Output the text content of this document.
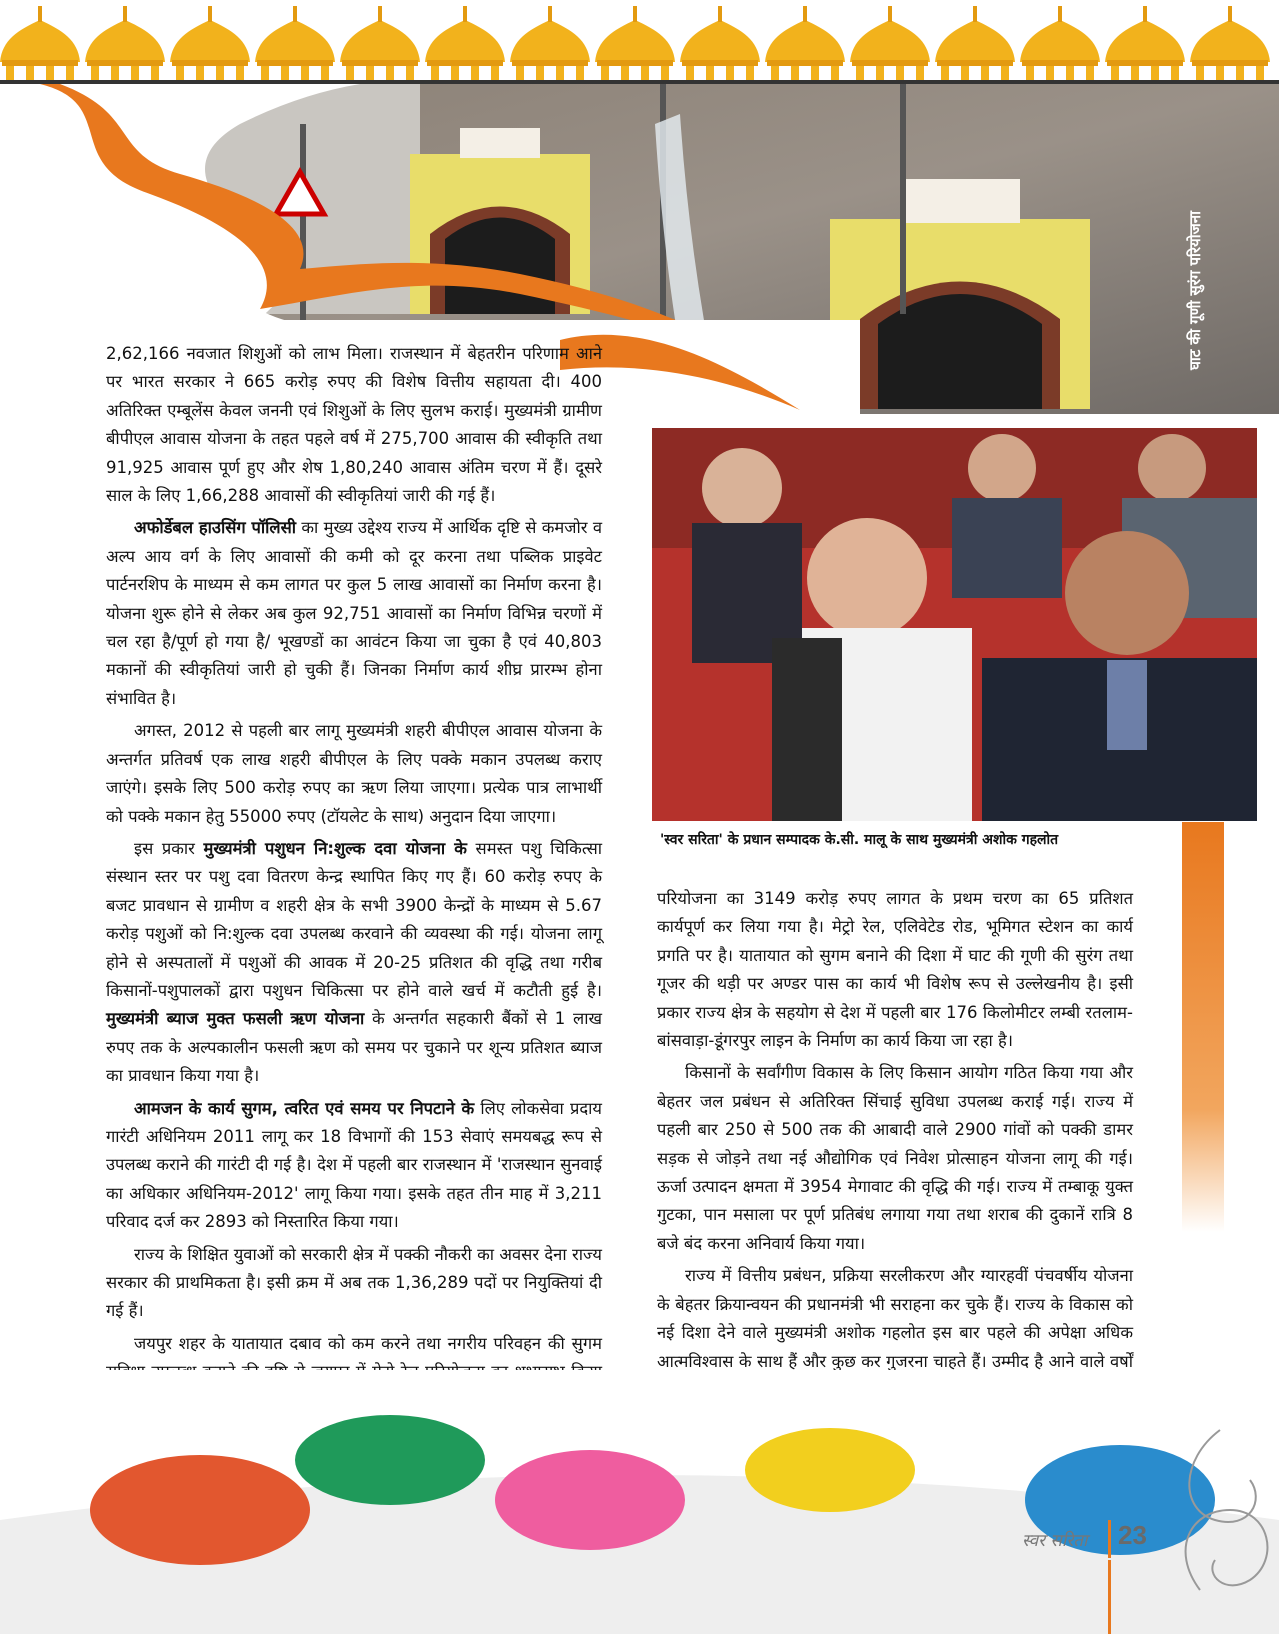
घाट की गूणी सुरंग परियोजना
'स्वर सरिता' के प्रधान सम्पादक के.सी. मालू के साथ मुख्यमंत्री अशोक गहलोत

2,62,166 नवजात शिशुओं को लाभ मिला। राजस्थान में बेहतरीन परिणाम आने पर भारत सरकार ने 665 करोड़ रुपए की विशेष वित्तीय सहायता दी। 400 अतिरिक्त एम्बूलेंस केवल जननी एवं शिशुओं के लिए सुलभ कराई। मुख्यमंत्री ग्रामीण बीपीएल आवास योजना के तहत पहले वर्ष में 275,700 आवास की स्वीकृति तथा 91,925 आवास पूर्ण हुए और शेष 1,80,240 आवास अंतिम चरण में हैं। दूसरे साल के लिए 1,66,288 आवासों की स्वीकृतियां जारी की गई हैं।

अफोर्डेबल हाउसिंग पॉलिसी का मुख्य उद्देश्य राज्य में आर्थिक दृष्टि से कमजोर व अल्प आय वर्ग के लिए आवासों की कमी को दूर करना तथा पब्लिक प्राइवेट पार्टनरशिप के माध्यम से कम लागत पर कुल 5 लाख आवासों का निर्माण करना है। योजना शुरू होने से लेकर अब कुल 92,751 आवासों का निर्माण विभिन्न चरणों में चल रहा है/पूर्ण हो गया है/ भूखण्डों का आवंटन किया जा चुका है एवं 40,803 मकानों की स्वीकृतियां जारी हो चुकी हैं। जिनका निर्माण कार्य शीघ्र प्रारम्भ होना संभावित है।

अगस्त, 2012 से पहली बार लागू मुख्यमंत्री शहरी बीपीएल आवास योजना के अन्तर्गत प्रतिवर्ष एक लाख शहरी बीपीएल के लिए पक्के मकान उपलब्ध कराए जाएंगे। इसके लिए 500 करोड़ रुपए का ऋण लिया जाएगा। प्रत्येक पात्र लाभार्थी को पक्के मकान हेतु 55000 रुपए (टॉयलेट के साथ) अनुदान दिया जाएगा।

इस प्रकार मुख्यमंत्री पशुधन नि:शुल्क दवा योजना के समस्त पशु चिकित्सा संस्थान स्तर पर पशु दवा वितरण केन्द्र स्थापित किए गए हैं। 60 करोड़ रुपए के बजट प्रावधान से ग्रामीण व शहरी क्षेत्र के सभी 3900 केन्द्रों के माध्यम से 5.67 करोड़ पशुओं को नि:शुल्क दवा उपलब्ध करवाने की व्यवस्था की गई। योजना लागू होने से अस्पतालों में पशुओं की आवक में 20-25 प्रतिशत की वृद्धि तथा गरीब किसानों-पशुपालकों द्वारा पशुधन चिकित्सा पर होने वाले खर्च में कटौती हुई है।मुख्यमंत्री ब्याज मुक्त फसली ऋण योजना के अन्तर्गत सहकारी बैंकों से 1 लाख रुपए तक के अल्पकालीन फसली ऋण को समय पर चुकाने पर शून्य प्रतिशत ब्याज का प्रावधान किया गया है।

आमजन के कार्य सुगम, त्वरित एवं समय पर निपटाने के लिए लोकसेवा प्रदाय गारंटी अधिनियम 2011 लागू कर 18 विभागों की 153 सेवाएं समयबद्ध रूप से उपलब्ध कराने की गारंटी दी गई है। देश में पहली बार राजस्थान में 'राजस्थान सुनवाई का अधिकार अधिनियम-2012' लागू किया गया। इसके तहत तीन माह में 3,211 परिवाद दर्ज कर 2893 को निस्तारित किया गया।

राज्य के शिक्षित युवाओं को सरकारी क्षेत्र में पक्की नौकरी का अवसर देना राज्य सरकार की प्राथमिकता है। इसी क्रम में अब तक 1,36,289 पदों पर नियुक्तियां दी गई हैं।

जयपुर शहर के यातायात दबाव को कम करने तथा नगरीय परिवहन की सुगम

परियोजना का 3149 करोड़ रुपए लागत के प्रथम चरण का 65 प्रतिशत कार्यपूर्ण कर लिया गया है। मेट्रो रेल, एलिवेटेड रोड, भूमिगत स्टेशन का कार्य प्रगति पर है। यातायात को सुगम बनाने की दिशा में घाट की गूणी की सुरंग तथा गूजर की थड़ी पर अण्डर पास का कार्य भी विशेष रूप से उल्लेखनीय है। इसी प्रकार राज्य क्षेत्र के सहयोग से देश में पहली बार 176 किलोमीटर लम्बी रतलाम-बांसवाड़ा-डूंगरपुर लाइन के निर्माण का कार्य किया जा रहा है।

किसानों के सर्वांगीण विकास के लिए किसान आयोग गठित किया गया और बेहतर जल प्रबंधन से अतिरिक्त सिंचाई सुविधा उपलब्ध कराई गई। राज्य में पहली बार 250 से 500 तक की आबादी वाले 2900 गांवों को पक्की डामर सड़क से जोड़ने तथा नई औद्योगिक एवं निवेश प्रोत्साहन योजना लागू की गई। ऊर्जा उत्पादन क्षमता में 3954 मेगावाट की वृद्धि की गई। राज्य में तम्बाकू युक्त गुटका, पान मसाला पर पूर्ण प्रतिबंध लगाया गया तथा शराब की दुकानें रात्रि 8 बजे बंद करना अनिवार्य किया गया।

राज्य में वित्तीय प्रबंधन, प्रक्रिया सरलीकरण और ग्यारहवीं पंचवर्षीय योजना के बेहतर क्रियान्वयन की प्रधानमंत्री भी सराहना कर चुके हैं। राज्य के विकास को नई दिशा देने वाले मुख्यमंत्री अशोक गहलोत इस बार पहले की अपेक्षा अधिक आत्मविश्वास के साथ हैं और कुछ कर गुजरना चाहते हैं। उम्मीद है आने वाले वर्षों

स्वर सरिता 23
